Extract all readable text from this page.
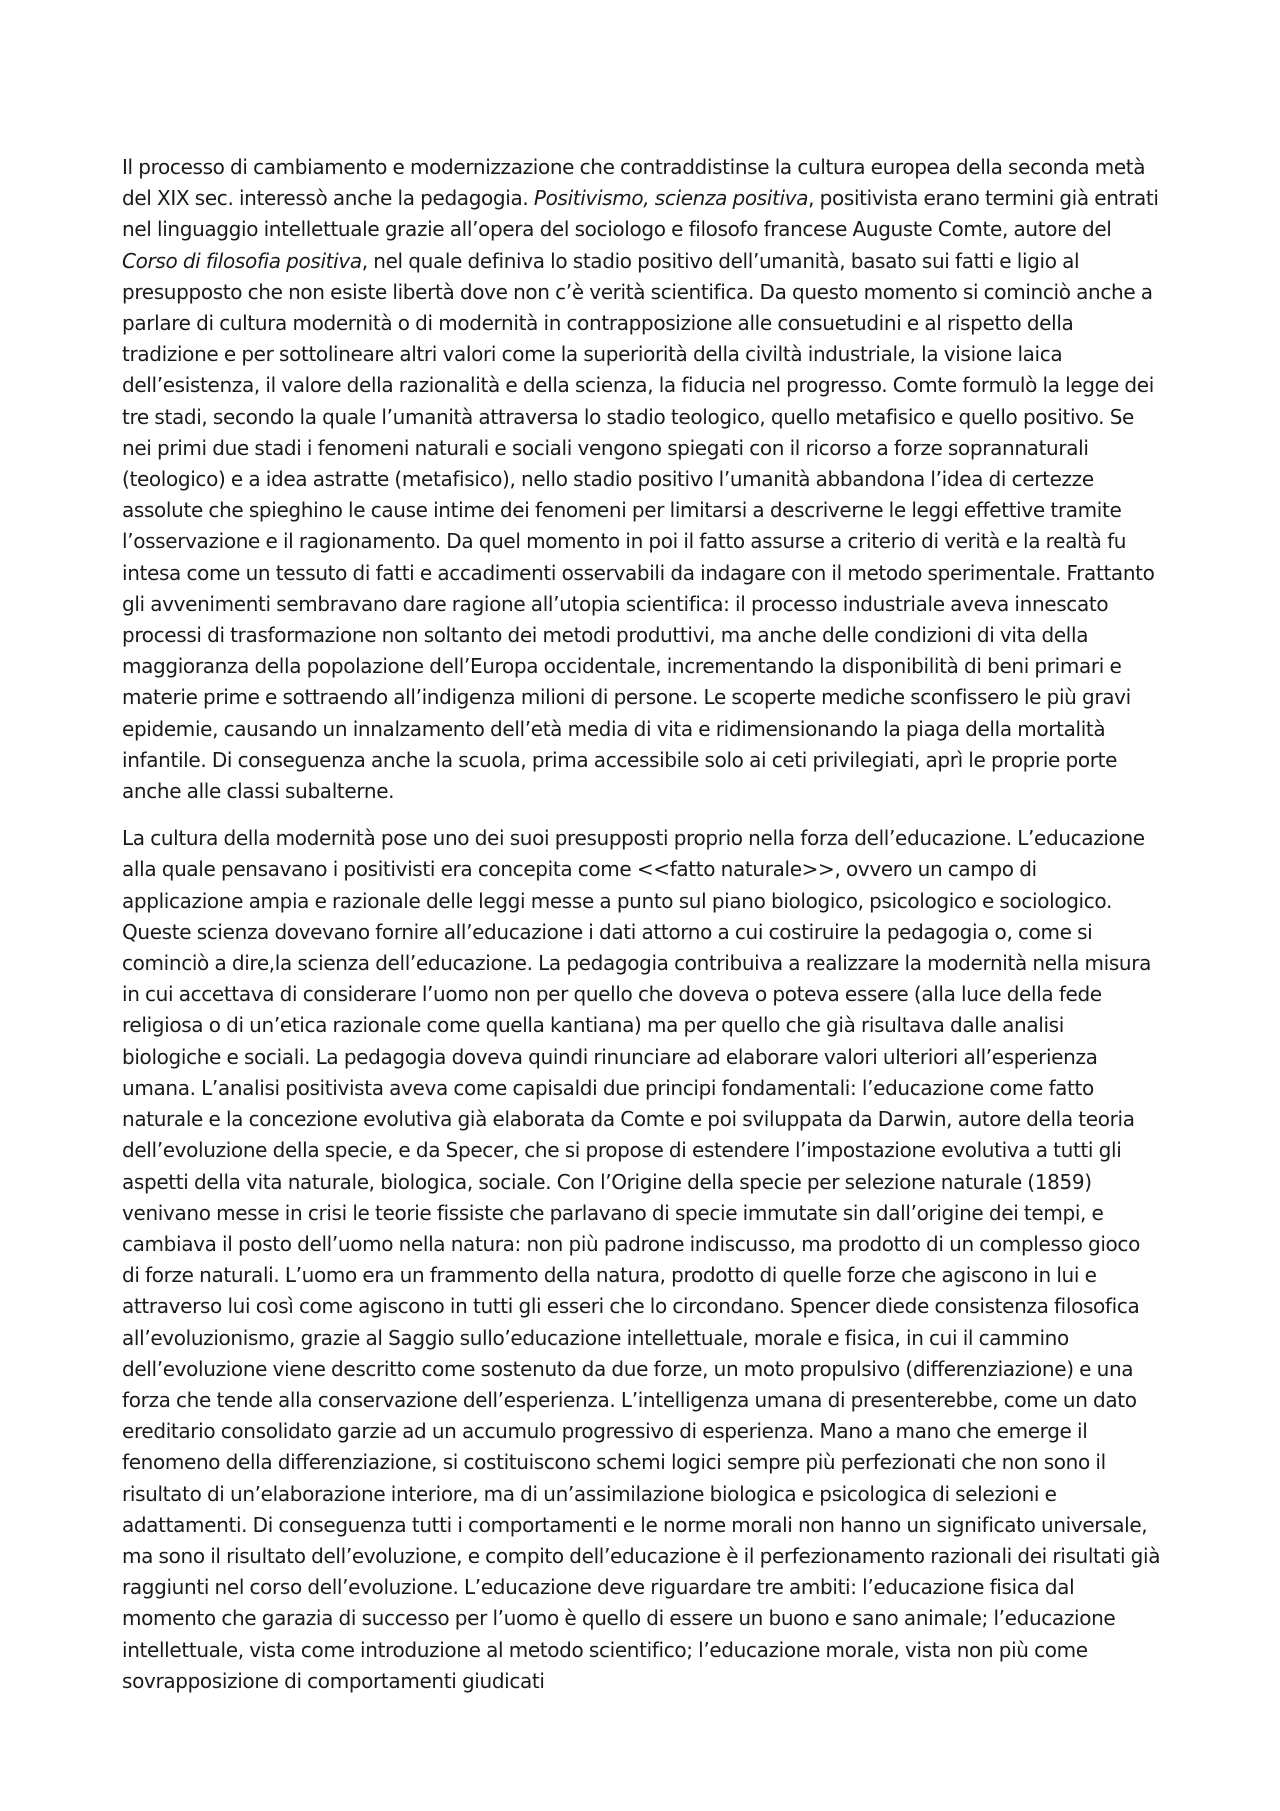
Il processo di cambiamento e modernizzazione che contraddistinse la cultura europea della seconda metà del XIX sec. interessò anche la pedagogia. Positivismo, scienza positiva, positivista erano termini già entrati nel linguaggio intellettuale grazie all’opera del sociologo e filosofo francese Auguste Comte, autore del Corso di filosofia positiva, nel quale definiva lo stadio positivo dell’umanità, basato sui fatti e ligio al presupposto che non esiste libertà dove non c’è verità scientifica. Da questo momento si cominciò anche a parlare di cultura modernità o di modernità in contrapposizione alle consuetudini e al rispetto della tradizione e per sottolineare altri valori come la superiorità della civiltà industriale, la visione laica dell’esistenza, il valore della razionalità e della scienza, la fiducia nel progresso. Comte formulò la legge dei tre stadi, secondo la quale l’umanità attraversa lo stadio teologico, quello metafisico e quello positivo. Se nei primi due stadi i fenomeni naturali e sociali vengono spiegati con il ricorso a forze soprannaturali (teologico) e a idea astratte (metafisico), nello stadio positivo l’umanità abbandona l’idea di certezze assolute che spieghino le cause intime dei fenomeni per limitarsi a descriverne le leggi effettive tramite l’osservazione e il ragionamento. Da quel momento in poi il fatto assurse a criterio di verità e la realtà fu intesa come un tessuto di fatti e accadimenti osservabili da indagare con il metodo sperimentale. Frattanto gli avvenimenti sembravano dare ragione all’utopia scientifica: il processo industriale aveva innescato processi di trasformazione non soltanto dei metodi produttivi, ma anche delle condizioni di vita della maggioranza della popolazione dell’Europa occidentale, incrementando la disponibilità di beni primari e materie prime e sottraendo all’indigenza milioni di persone. Le scoperte mediche sconfissero le più gravi epidemie, causando un innalzamento dell’età media di vita e ridimensionando la piaga della mortalità infantile. Di conseguenza anche la scuola, prima accessibile solo ai ceti privilegiati, aprì le proprie porte anche alle classi subalterne.

La cultura della modernità pose uno dei suoi presupposti proprio nella forza dell’educazione. L’educazione alla quale pensavano i positivisti era concepita come <<fatto naturale>>, ovvero un campo di applicazione ampia e razionale delle leggi messe a punto sul piano biologico, psicologico e sociologico. Queste scienza dovevano fornire all’educazione i dati attorno a cui costiruire la pedagogia o, come si cominciò a dire,la scienza dell’educazione. La pedagogia contribuiva a realizzare la modernità nella misura in cui accettava di considerare l’uomo non per quello che doveva o poteva essere (alla luce della fede religiosa o di un’etica razionale come quella kantiana) ma per quello che già risultava dalle analisi biologiche e sociali. La pedagogia doveva quindi rinunciare ad elaborare valori ulteriori all’esperienza umana. L’analisi positivista aveva come capisaldi due principi fondamentali: l’educazione come fatto naturale e la concezione evolutiva già elaborata da Comte e poi sviluppata da Darwin, autore della teoria dell’evoluzione della specie, e da Specer, che si propose di estendere l’impostazione evolutiva a tutti gli aspetti della vita naturale, biologica, sociale. Con l’Origine della specie per selezione naturale (1859) venivano messe in crisi le teorie fissiste che parlavano di specie immutate sin dall’origine dei tempi, e cambiava il posto dell’uomo nella natura: non più padrone indiscusso, ma prodotto di un complesso gioco di forze naturali. L’uomo era un frammento della natura, prodotto di quelle forze che agiscono in lui e attraverso lui così come agiscono in tutti gli esseri che lo circondano. Spencer diede consistenza filosofica all’evoluzionismo, grazie al Saggio sullo’educazione intellettuale, morale e fisica, in cui il cammino dell’evoluzione viene descritto come sostenuto da due forze, un moto propulsivo (differenziazione) e una forza che tende alla conservazione dell’esperienza. L’intelligenza umana di presenterebbe, come un dato ereditario consolidato garzie ad un accumulo progressivo di esperienza. Mano a mano che emerge il fenomeno della differenziazione, si costituiscono schemi logici sempre più perfezionati che non sono il risultato di un’elaborazione interiore, ma di un’assimilazione biologica e psicologica di selezioni e adattamenti. Di conseguenza tutti i comportamenti e le norme morali non hanno un significato universale, ma sono il risultato dell’evoluzione, e compito dell’educazione è il perfezionamento razionali dei risultati già raggiunti nel corso dell’evoluzione. L’educazione deve riguardare tre ambiti: l’educazione fisica dal momento che garazia di successo per l’uomo è quello di essere un buono e sano animale; l’educazione intellettuale, vista come introduzione al metodo scientifico; l’educazione morale, vista non più come sovrapposizione di comportamenti giudicati
